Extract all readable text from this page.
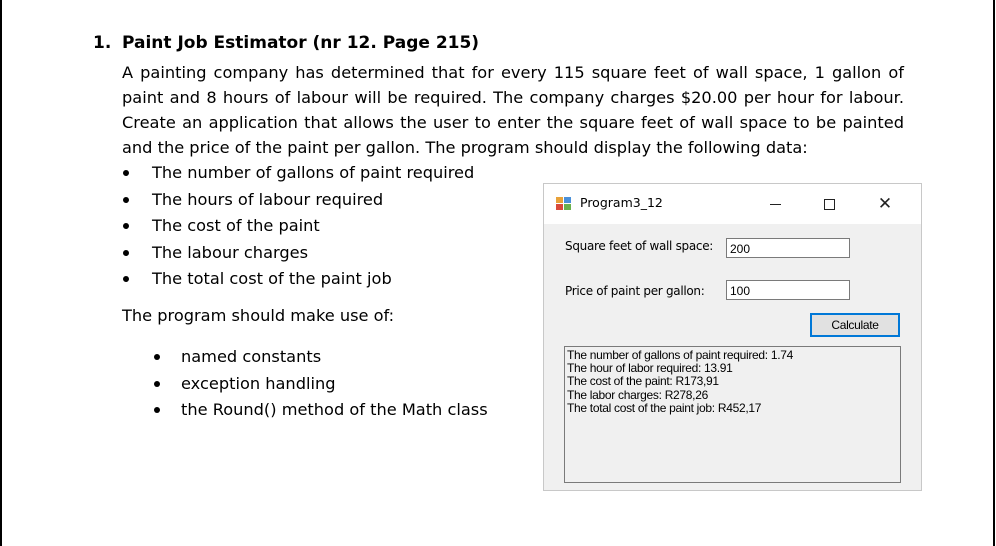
1. Paint Job Estimator (nr 12. Page 215)

A painting company has determined that for every 115 square feet of wall space, 1 gallon of paint and 8 hours of labour will be required. The company charges $20.00 per hour for labour. Create an application that allows the user to enter the square feet of wall space to be painted and the price of the paint per gallon. The program should display the following data:

The number of gallons of paint required
The hours of labour required
The cost of the paint
The labour charges
The total cost of the paint job
The program should make use of:
named constants
exception handling
the Round() method of the Math class
Program3_12	✕
Square feet of wall space:	200
Price of paint per gallon:	100
Calculate
The number of gallons of paint required: 1.74
The hour of labor required: 13.91
The cost of the paint: R173,91
The labor charges: R278,26
The total cost of the paint job: R452,17
